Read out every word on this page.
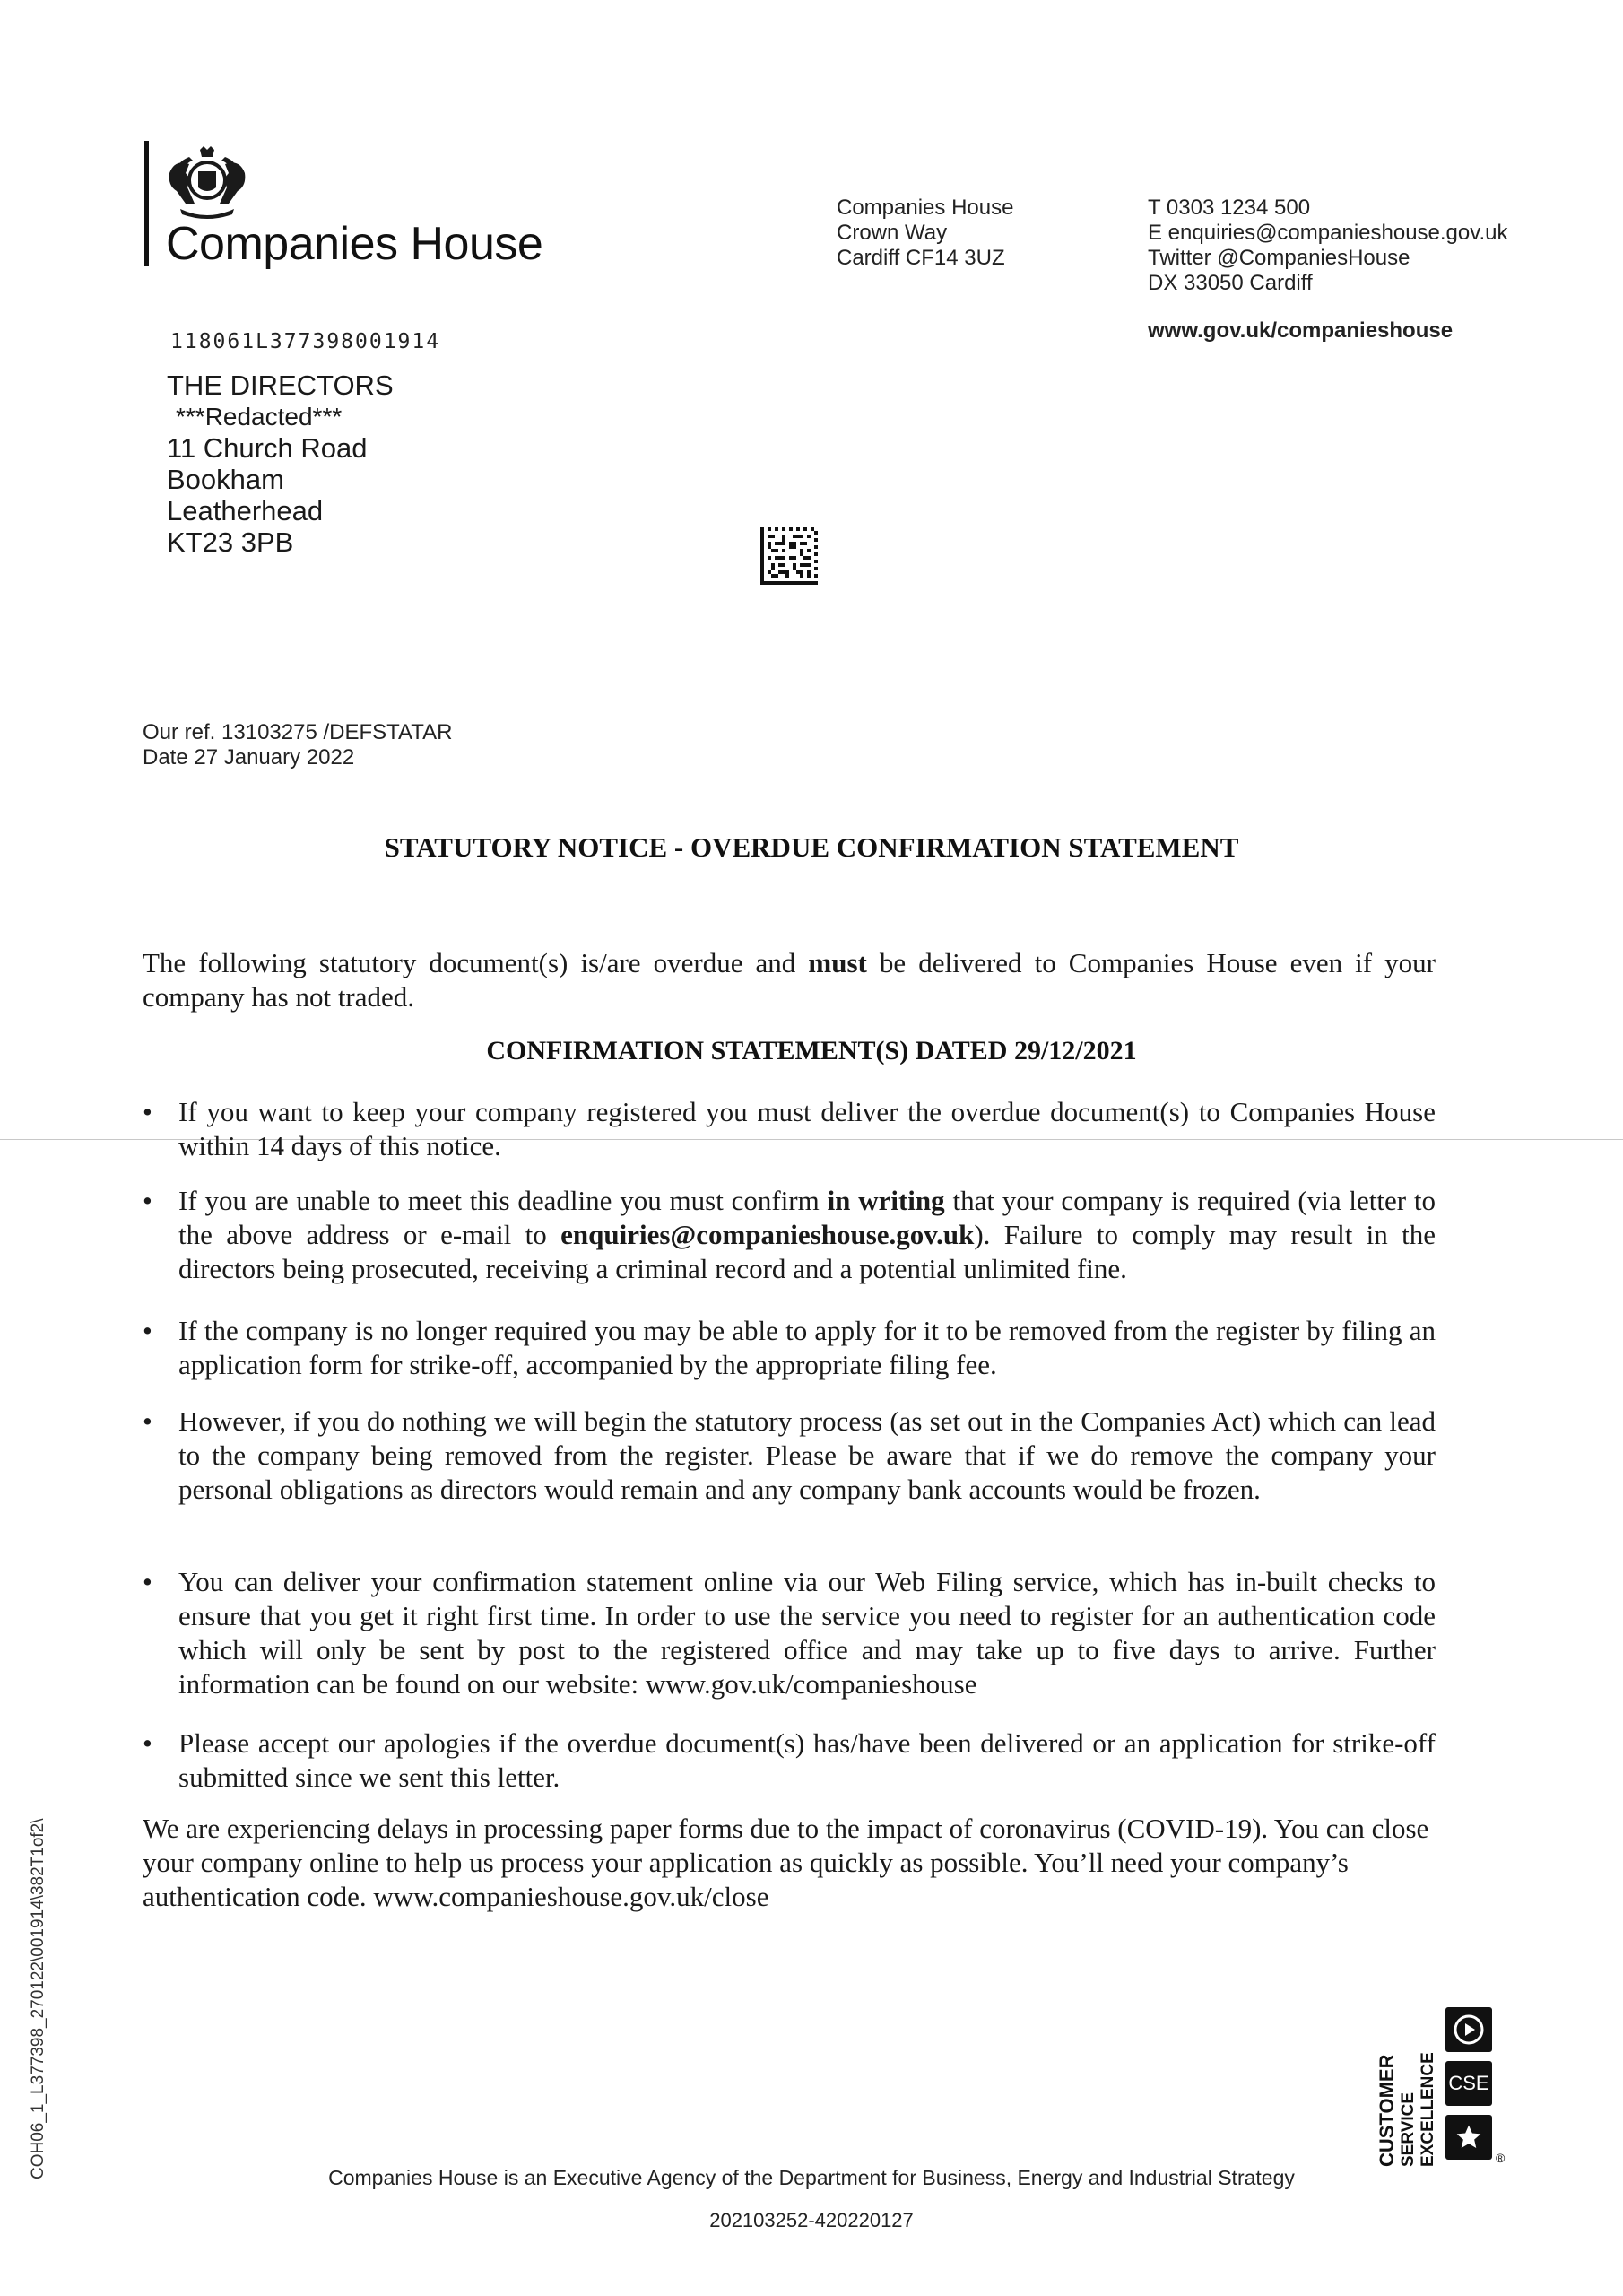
Companies House
Companies House
Crown Way
Cardiff CF14 3UZ
T 0303 1234 500
E enquiries@companieshouse.gov.uk
Twitter @CompaniesHouse
DX 33050 Cardiff
www.gov.uk/companieshouse
118061L377398001914
THE DIRECTORS
***Redacted***
11 Church Road
Bookham
Leatherhead
KT23 3PB
Our ref. 13103275 /DEFSTATAR
Date 27 January 2022
STATUTORY NOTICE - OVERDUE CONFIRMATION STATEMENT
The following statutory document(s) is/are overdue and must be delivered to Companies House even if your company has not traded.
CONFIRMATION STATEMENT(S) DATED 29/12/2021
• If you want to keep your company registered you must deliver the overdue document(s) to Companies House within 14 days of this notice.
• If you are unable to meet this deadline you must confirm in writing that your company is required (via letter to the above address or e-mail to enquiries@companieshouse.gov.uk). Failure to comply may result in the directors being prosecuted, receiving a criminal record and a potential unlimited fine.
• If the company is no longer required you may be able to apply for it to be removed from the register by filing an application form for strike-off, accompanied by the appropriate filing fee.
• However, if you do nothing we will begin the statutory process (as set out in the Companies Act) which can lead to the company being removed from the register. Please be aware that if we do remove the company your personal obligations as directors would remain and any company bank accounts would be frozen.
• You can deliver your confirmation statement online via our Web Filing service, which has in-built checks to ensure that you get it right first time. In order to use the service you need to register for an authentication code which will only be sent by post to the registered office and may take up to five days to arrive. Further information can be found on our website: www.gov.uk/companieshouse
• Please accept our apologies if the overdue document(s) has/have been delivered or an application for strike-off submitted since we sent this letter.
We are experiencing delays in processing paper forms due to the impact of coronavirus (COVID-19). You can close your company online to help us process your application as quickly as possible. You’ll need your company’s authentication code. www.companieshouse.gov.uk/close
COH06_1_L377398_270122\001914\382T1of2\	CUSTOMER SERVICE EXCELLENCE CSE
®
Companies House is an Executive Agency of the Department for Business, Energy and Industrial Strategy
202103252-420220127
